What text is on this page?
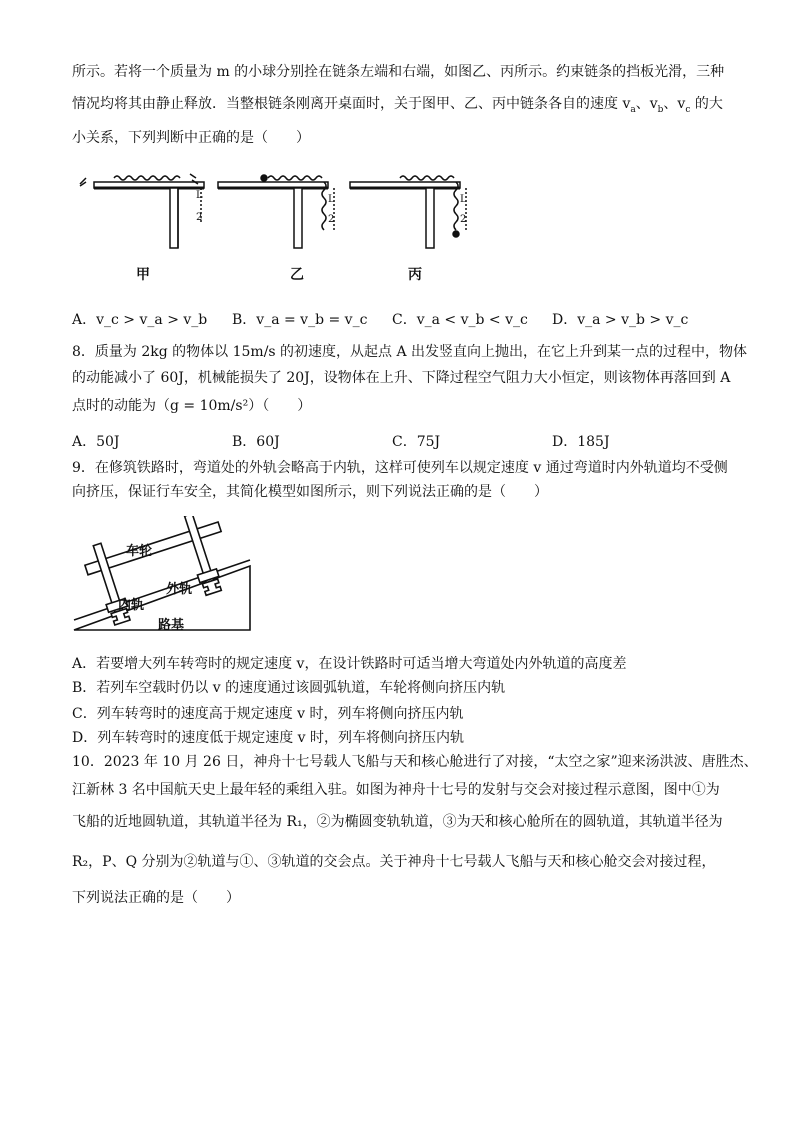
所示。若将一个质量为 m 的小球分别拴在链条左端和右端，如图乙、丙所示。约束链条的挡板光滑，三种
情况均将其由静止释放．当整根链条刚离开桌面时，关于图甲、乙、丙中链条各自的速度 $v_a$、$v_b$、$v_c$ 的大
小关系，下列判断中正确的是（　　）
L
2
L
2
L
2
甲	乙	丙
A．v_c > v_a > v_b	B．v_a = v_b = v_c	C．v_a < v_b < v_c	D．v_a > v_b > v_c
8．质量为 2kg 的物体以 15m/s 的初速度，从起点 A 出发竖直向上抛出，在它上升到某一点的过程中，物体
的动能减小了 60J，机械能损失了 20J，设物体在上升、下降过程空气阻力大小恒定，则该物体再落回到 A
点时的动能为（g = 10m/s²）（　　）
A．50J	B．60J	C．75J	D．185J
9．在修筑铁路时，弯道处的外轨会略高于内轨，这样可使列车以规定速度 v 通过弯道时内外轨道均不受侧
向挤压，保证行车安全，其简化模型如图所示，则下列说法正确的是（　　）
车轮
外轨
内轨
路基
A．若要增大列车转弯时的规定速度 v，在设计铁路时可适当增大弯道处内外轨道的高度差
B．若列车空载时仍以 v 的速度通过该圆弧轨道，车轮将侧向挤压内轨
C．列车转弯时的速度高于规定速度 v 时，列车将侧向挤压内轨
D．列车转弯时的速度低于规定速度 v 时，列车将侧向挤压内轨
10．2023 年 10 月 26 日，神舟十七号载人飞船与天和核心舱进行了对接，“太空之家”迎来汤洪波、唐胜杰、
江新林 3 名中国航天史上最年轻的乘组入驻。如图为神舟十七号的发射与交会对接过程示意图，图中①为
飞船的近地圆轨道，其轨道半径为 R₁，②为椭圆变轨轨道，③为天和核心舱所在的圆轨道，其轨道半径为
R₂，P、Q 分别为②轨道与①、③轨道的交会点。关于神舟十七号载人飞船与天和核心舱交会对接过程，
下列说法正确的是（　　）
